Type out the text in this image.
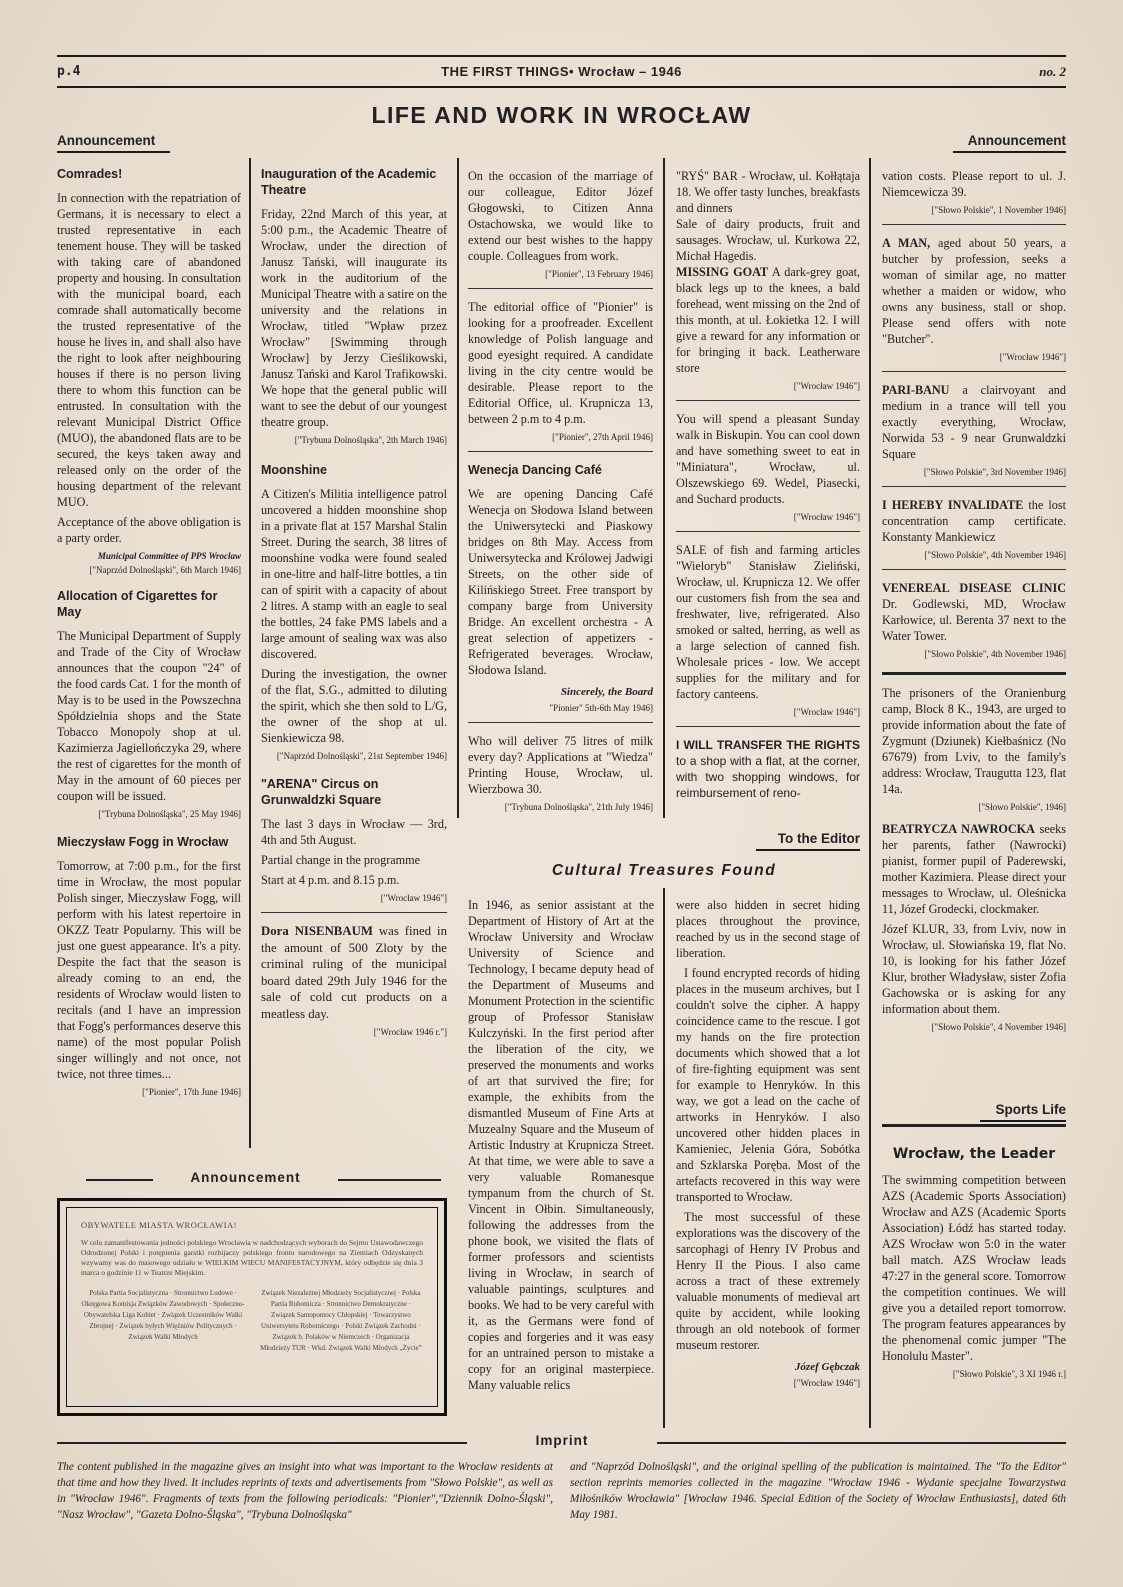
p.4	THE FIRST THINGS• Wrocław – 1946	no. 2
LIFE AND WORK IN WROCŁAW
Announcement	Announcement

Comrades!

In connection with the repatriation of Germans, it is necessary to elect a trusted representative in each tenement house. They will be tasked with taking care of abandoned property and housing. In consultation with the municipal board, each comrade shall automatically become the trusted representative of the house he lives in, and shall also have the right to look after neighbouring houses if there is no person living there to whom this function can be entrusted. In consultation with the relevant Municipal District Office (MUO), the abandoned flats are to be secured, the keys taken away and released only on the order of the housing department of the relevant MUO.

Acceptance of the above obligation is a party order.

Municipal Committee of PPS Wroclaw

["Naprzód Dolnośląski", 6th March 1946]

Allocation of Cigarettes for May

The Municipal Department of Supply and Trade of the City of Wrocław announces that the coupon "24" of the food cards Cat. 1 for the month of May is to be used in the Powszechna Spółdzielnia shops and the State Tobacco Monopoly shop at ul. Kazimierza Jagiellończyka 29, where the rest of cigarettes for the month of May in the amount of 60 pieces per coupon will be issued.

["Trybuna Dolnośląska", 25 May 1946]

Mieczysław Fogg in Wrocław

Tomorrow, at 7:00 p.m., for the first time in Wrocław, the most popular Polish singer, Mieczysław Fogg, will perform with his latest repertoire in OKZZ Teatr Popularny. This will be just one guest appearance. It's a pity. Despite the fact that the season is already coming to an end, the residents of Wrocław would listen to recitals (and I have an impression that Fogg's performances deserve this name) of the most popular Polish singer willingly and not once, not twice, not three times...

["Pionier", 17th June 1946]

Inauguration of the Academic Theatre

Friday, 22nd March of this year, at 5:00 p.m., the Academic Theatre of Wrocław, under the direction of Janusz Tański, will inaugurate its work in the auditorium of the Municipal Theatre with a satire on the university and the relations in Wrocław, titled "Wpław przez Wrocław" [Swimming through Wrocław] by Jerzy Cieślikowski, Janusz Tański and Karol Trafikowski. We hope that the general public will want to see the debut of our youngest theatre group.

["Trybuna Dolnośląska", 2th March 1946]

Moonshine

A Citizen's Militia intelligence patrol uncovered a hidden moonshine shop in a private flat at 157 Marshal Stalin Street. During the search, 38 litres of moonshine vodka were found sealed in one-litre and half-litre bottles, a tin can of spirit with a capacity of about 2 litres. A stamp with an eagle to seal the bottles, 24 fake PMS labels and a large amount of sealing wax was also discovered.

During the investigation, the owner of the flat, S.G., admitted to diluting the spirit, which she then sold to L/G, the owner of the shop at ul. Sienkiewicza 98.

["Naprzód Dolnośląski", 21st September 1946]

"ARENA" Circus on Grunwaldzki Square

The last 3 days in Wrocław — 3rd, 4th and 5th August.

Partial change in the programme

Start at 4 p.m. and 8.15 p.m.

["Wrocław 1946"]

Dora NISENBAUM was fined in the amount of 500 Zloty by the criminal ruling of the municipal board dated 29th July 1946 for the sale of cold cut products on a meatless day.

["Wrocław 1946 r."]

On the occasion of the marriage of our colleague, Editor Józef Głogowski, to Citizen Anna Ostachowska, we would like to extend our best wishes to the happy couple. Colleagues from work.

["Pionier", 13 February 1946]

The editorial office of "Pionier" is looking for a proofreader. Excellent knowledge of Polish language and good eyesight required. A candidate living in the city centre would be desirable. Please report to the Editorial Office, ul. Krupnicza 13, between 2 p.m to 4 p.m.

["Pionier", 27th April 1946]

Wenecja Dancing Café

We are opening Dancing Café Wenecja on Słodowa Island between the Uniwersytecki and Piaskowy bridges on 8th May. Access from Uniwersytecka and Królowej Jadwigi Streets, on the other side of Kilińskiego Street. Free transport by company barge from University Bridge. An excellent orchestra - A great selection of appetizers - Refrigerated beverages. Wrocław, Słodowa Island.

Sincerely, the Board

"Pionier" 5th-6th May 1946]

Who will deliver 75 litres of milk every day? Applications at "Wiedza" Printing House, Wrocław, ul. Wierzbowa 30.

["Trybuna Dolnośląska", 21th July 1946]

"RYŚ" BAR - Wrocław, ul. Kołłątaja 18. We offer tasty lunches, breakfasts and dinners

Sale of dairy products, fruit and sausages. Wrocław, ul. Kurkowa 22, Michał Hagedis.

MISSING GOAT A dark-grey goat, black legs up to the knees, a bald forehead, went missing on the 2nd of this month, at ul. Łokietka 12. I will give a reward for any information or for bringing it back. Leatherware store

["Wrocław 1946"]

You will spend a pleasant Sunday walk in Biskupin. You can cool down and have something sweet to eat in "Miniatura", Wrocław, ul. Olszewskiego 69. Wedel, Piasecki, and Suchard products.

["Wrocław 1946"]

SALE of fish and farming articles "Wieloryb" Stanisław Zieliński, Wrocław, ul. Krupnicza 12. We offer our customers fish from the sea and freshwater, live, refrigerated. Also smoked or salted, herring, as well as a large selection of canned fish. Wholesale prices - low. We accept supplies for the military and for factory canteens.

["Wrocław 1946"]

I WILL TRANSFER THE RIGHTS to a shop with a flat, at the corner, with two shopping windows, for reimbursement of reno-

vation costs. Please report to ul. J. Niemcewicza 39.

["Słowo Polskie", 1 November 1946]

A MAN, aged about 50 years, a butcher by profession, seeks a woman of similar age, no matter whether a maiden or widow, who owns any business, stall or shop. Please send offers with note "Butcher".

["Wrocław 1946"]

PARI-BANU a clairvoyant and medium in a trance will tell you exactly everything, Wrocław, Norwida 53 - 9 near Grunwaldzki Square

["Słowo Polskie", 3rd November 1946]

I HEREBY INVALIDATE the lost concentration camp certificate. Konstanty Mankiewicz

["Słowo Polskie", 4th November 1946]

VENEREAL DISEASE CLINIC Dr. Godlewski, MD, Wrocław Karłowice, ul. Berenta 37 next to the Water Tower.

["Słowo Polskie", 4th November 1946]

The prisoners of the Oranienburg camp, Block 8 K., 1943, are urged to provide information about the fate of Zygmunt (Dziunek) Kiełbaśnicz (No 67679) from Lviv, to the family's address: Wrocław, Traugutta 123, flat 14a.

["Słowo Polskie", 1946]

BEATRYCZA NAWROCKA seeks her parents, father (Nawrocki) pianist, former pupil of Paderewski, mother Kazimiera. Please direct your messages to Wrocław, ul. Oleśnicka 11, Józef Grodecki, clockmaker.

Józef KLUR, 33, from Lviv, now in Wrocław, ul. Słowiańska 19, flat No. 10, is looking for his father Józef Klur, brother Władysław, sister Zofia Gachowska or is asking for any information about them.

["Słowo Polskie", 4 November 1946]

Sports Life

Wrocław, the Leader

The swimming competition between AZS (Academic Sports Association) Wrocław and AZS (Academic Sports Association) Łódź has started today. AZS Wrocław won 5:0 in the water ball match. AZS Wrocław leads 47:27 in the general score. Tomorrow the competition continues. We will give you a detailed report tomorrow. The program features appearances by the phenomenal comic jumper "The Honolulu Master".

["Słowo Polskie", 3 XI 1946 r.]

To the Editor
Cultural Treasures Found

In 1946, as senior assistant at the Department of History of Art at the Wrocław University and Wrocław University of Science and Technology, I became deputy head of the Department of Museums and Monument Protection in the scientific group of Professor Stanisław Kulczyński. In the first period after the liberation of the city, we preserved the monuments and works of art that survived the fire; for example, the exhibits from the dismantled Museum of Fine Arts at Muzealny Square and the Museum of Artistic Industry at Krupnicza Street. At that time, we were able to save a very valuable Romanesque tympanum from the church of St. Vincent in Ołbin. Simultaneously, following the addresses from the phone book, we visited the flats of former professors and scientists living in Wrocław, in search of valuable paintings, sculptures and books. We had to be very careful with it, as the Germans were fond of copies and forgeries and it was easy for an untrained person to mistake a copy for an original masterpiece. Many valuable relics

were also hidden in secret hiding places throughout the province, reached by us in the second stage of liberation.

I found encrypted records of hiding places in the museum archives, but I couldn't solve the cipher. A happy coincidence came to the rescue. I got my hands on the fire protection documents which showed that a lot of fire-fighting equipment was sent for example to Henryków. In this way, we got a lead on the cache of artworks in Henryków. I also uncovered other hidden places in Kamieniec, Jelenia Góra, Sobótka and Szklarska Poręba. Most of the artefacts recovered in this way were transported to Wrocław.

The most successful of these explorations was the discovery of the sarcophagi of Henry IV Probus and Henry II the Pious. I also came across a tract of these extremely valuable monuments of medieval art quite by accident, while looking through an old notebook of former museum restorer.

Józef Gębczak

["Wrocław 1946"]

Announcement
OBYWATELE MIASTA WROCŁAWIA!
W celu zamanifestowania jedności polskiego Wrocławia w nadchodzących wyborach do Sejmu Ustawodawczego Odrodzonej Polski i potępienia garstki rozbijaczy polskiego frontu narodowego na Ziemiach Odzyskanych wzywamy was do masowego udziału w WIELKIM WIECU MANIFESTACYJNYM, który odbędzie się dnia 3 marca o godzinie 11 w Teatrze Miejskim.
Polska Partia Socjalistyczna · Stronnictwo Ludowe · Okręgowa Komisja Związków Zawodowych · Społeczno-Obywatelska Liga Kobiet · Związek Uczestników Walki Zbrojnej · Związek byłych Więźniów Politycznych · Związek Walki Młodych
Związek Niezależnej Młodzieży Socjalistycznej · Polska Partia Robotnicza · Stronnictwo Demokratyczne · Związek Samopomocy Chłopskiej · Towarzystwo Uniwersytetu Robotniczego · Polski Związek Zachodni · Związek b. Polaków w Niemczech · Organizacja Młodzieży TUR · Wkd. Związek Walki Młodych „Życie”
Imprint
The content published in the magazine gives an insight into what was important to the Wrocław residents at that time and how they lived. It includes reprints of texts and advertisements from "Słowo Polskie", as well as in "Wrocław 1946". Fragments of texts from the following periodicals: "Pionier","Dziennik Dolno-Śląski", "Nasz Wrocław", "Gazeta Dolno-Śląska", "Trybuna Dolnośląska"
and "Naprzód Dolnośląski", and the original spelling of the publication is maintained. The "To the Editor" section reprints memories collected in the magazine "Wrocław 1946 - Wydanie specjalne Towarzystwa Miłośników Wrocławia" [Wrocław 1946. Special Edition of the Society of Wrocław Enthusiasts], dated 6th May 1981.
